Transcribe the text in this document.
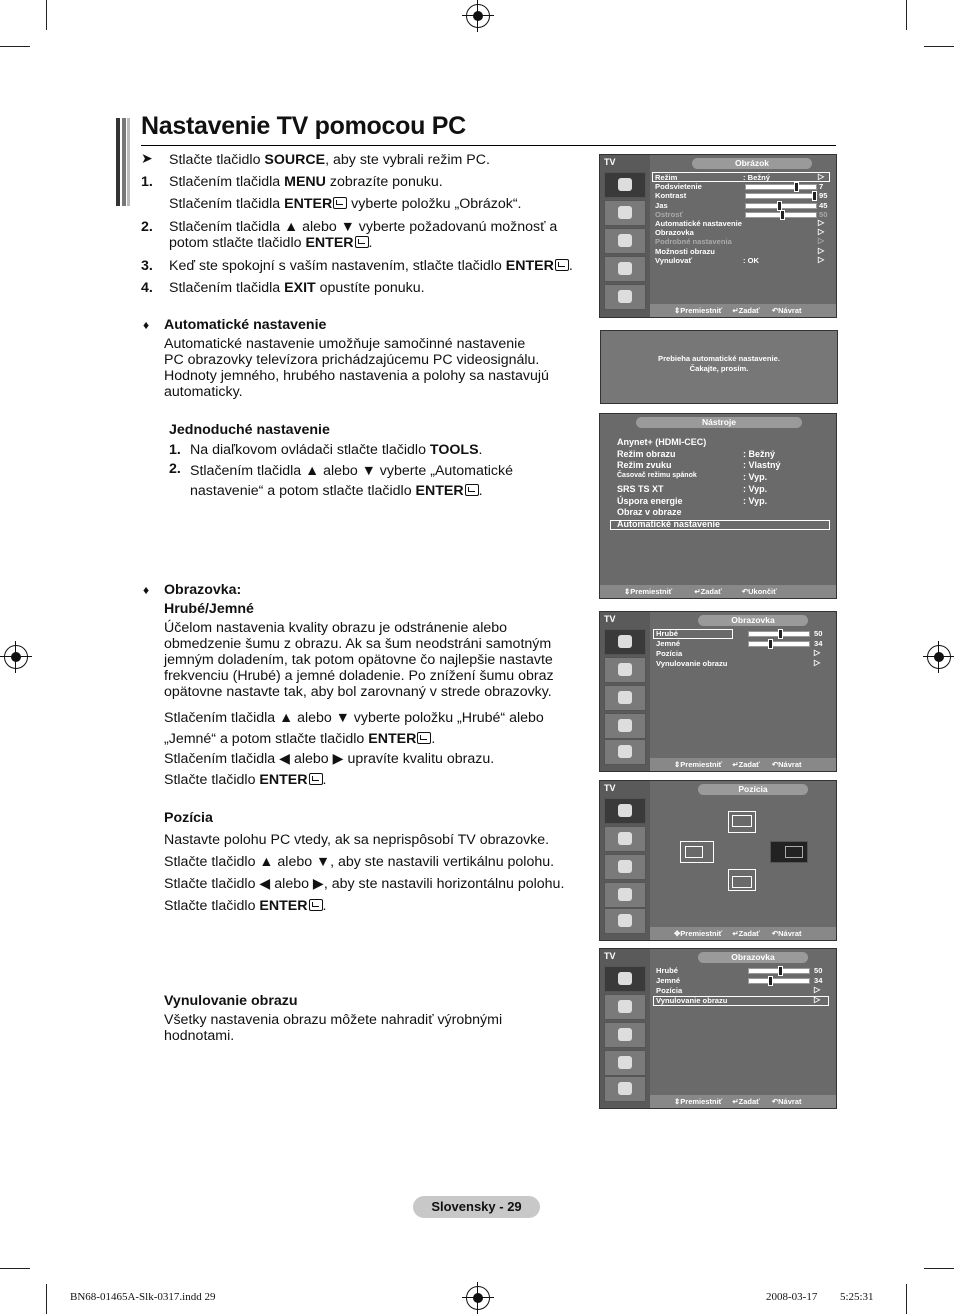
Nastavenie TV pomocou PC
➤ Stlačte tlačidlo SOURCE, aby ste vybrali režim PC.
1. Stlačením tlačidla MENU zobrazíte ponuku.
Stlačením tlačidla ENTER vyberte položku „Obrázok“.
2. Stlačením tlačidla ▲ alebo ▼ vyberte požadovanú možnosť a
potom stlačte tlačidlo ENTER .
3. Keď ste spokojní s vaším nastavením, stlačte tlačidlo ENTER .
4. Stlačením tlačidla EXIT opustíte ponuku.
♦ Automatické nastavenie
Automatické nastavenie umožňuje samočinné nastavenie
PC obrazovky televízora prichádzajúcemu PC videosignálu.
Hodnoty jemného, hrubého nastavenia a polohy sa nastavujú
automaticky.
Jednoduché nastavenie
1. Na diaľkovom ovládači stlačte tlačidlo TOOLS.
2. Stlačením tlačidla ▲ alebo ▼ vyberte „Automatické
nastavenie“ a potom stlačte tlačidlo ENTER .
♦ Obrazovka:
Hrubé/Jemné
Účelom nastavenia kvality obrazu je odstránenie alebo
obmedzenie šumu z obrazu. Ak sa šum neodstráni samotným
jemným doladením, tak potom opätovne čo najlepšie nastavte
frekvenciu (Hrubé) a jemné doladenie. Po znížení šumu obraz
opätovne nastavte tak, aby bol zarovnaný v strede obrazovky.
Stlačením tlačidla ▲ alebo ▼ vyberte položku „Hrubé“ alebo
„Jemné“ a potom stlačte tlačidlo ENTER .
Stlačením tlačidla ◀ alebo ▶ upravíte kvalitu obrazu.
Stlačte tlačidlo ENTER .
Pozícia
Nastavte polohu PC vtedy, ak sa neprispôsobí TV obrazovke.
Stlačte tlačidlo ▲ alebo ▼, aby ste nastavili vertikálnu polohu.
Stlačte tlačidlo ◀ alebo ▶, aby ste nastavili horizontálnu polohu.
Stlačte tlačidlo ENTER .
Vynulovanie obrazu
Všetky nastavenia obrazu môžete nahradiť výrobnými
hodnotami.
TV	Obrázok
Režim	: Bežný	▷
Podsvietenie	7
Kontrast	95
Jas	45
Ostrosť	50
Automatické nastavenie	▷
Obrazovka	▷
Podrobné nastavenia	▷
Možnosti obrazu	▷
Vynulovať	: OK	▷
⇕Premiestniť ↵Zadať ↶Návrat
Prebieha automatické nastavenie.
Čakajte, prosím.
Nástroje
Anynet+ (HDMI-CEC)
Režim obrazu	: Bežný
Režim zvuku	: Vlastný
Časovač režimu spánok	: Vyp.
SRS TS XT	: Vyp.
Úspora energie	: Vyp.
Obraz v obraze
Automatické nastavenie
⇕Premiestniť	↵Zadať	↶Ukončiť
TV	Obrazovka
Hrubé	50
Jemné	34
Pozícia	▷
Vynulovanie obrazu	▷
⇕Premiestniť ↵Zadať ↶Návrat
TV	Pozícia
✥Premiestniť ↵Zadať ↶Návrat
TV	Obrazovka
Hrubé	50
Jemné	34
Pozícia	▷
Vynulovanie obrazu	▷
⇕Premiestniť ↵Zadať ↶Návrat
Slovensky - 29
BN68-01465A-Slk-0317.indd 29	2008-03-17 ￿￿ 5:25:31
